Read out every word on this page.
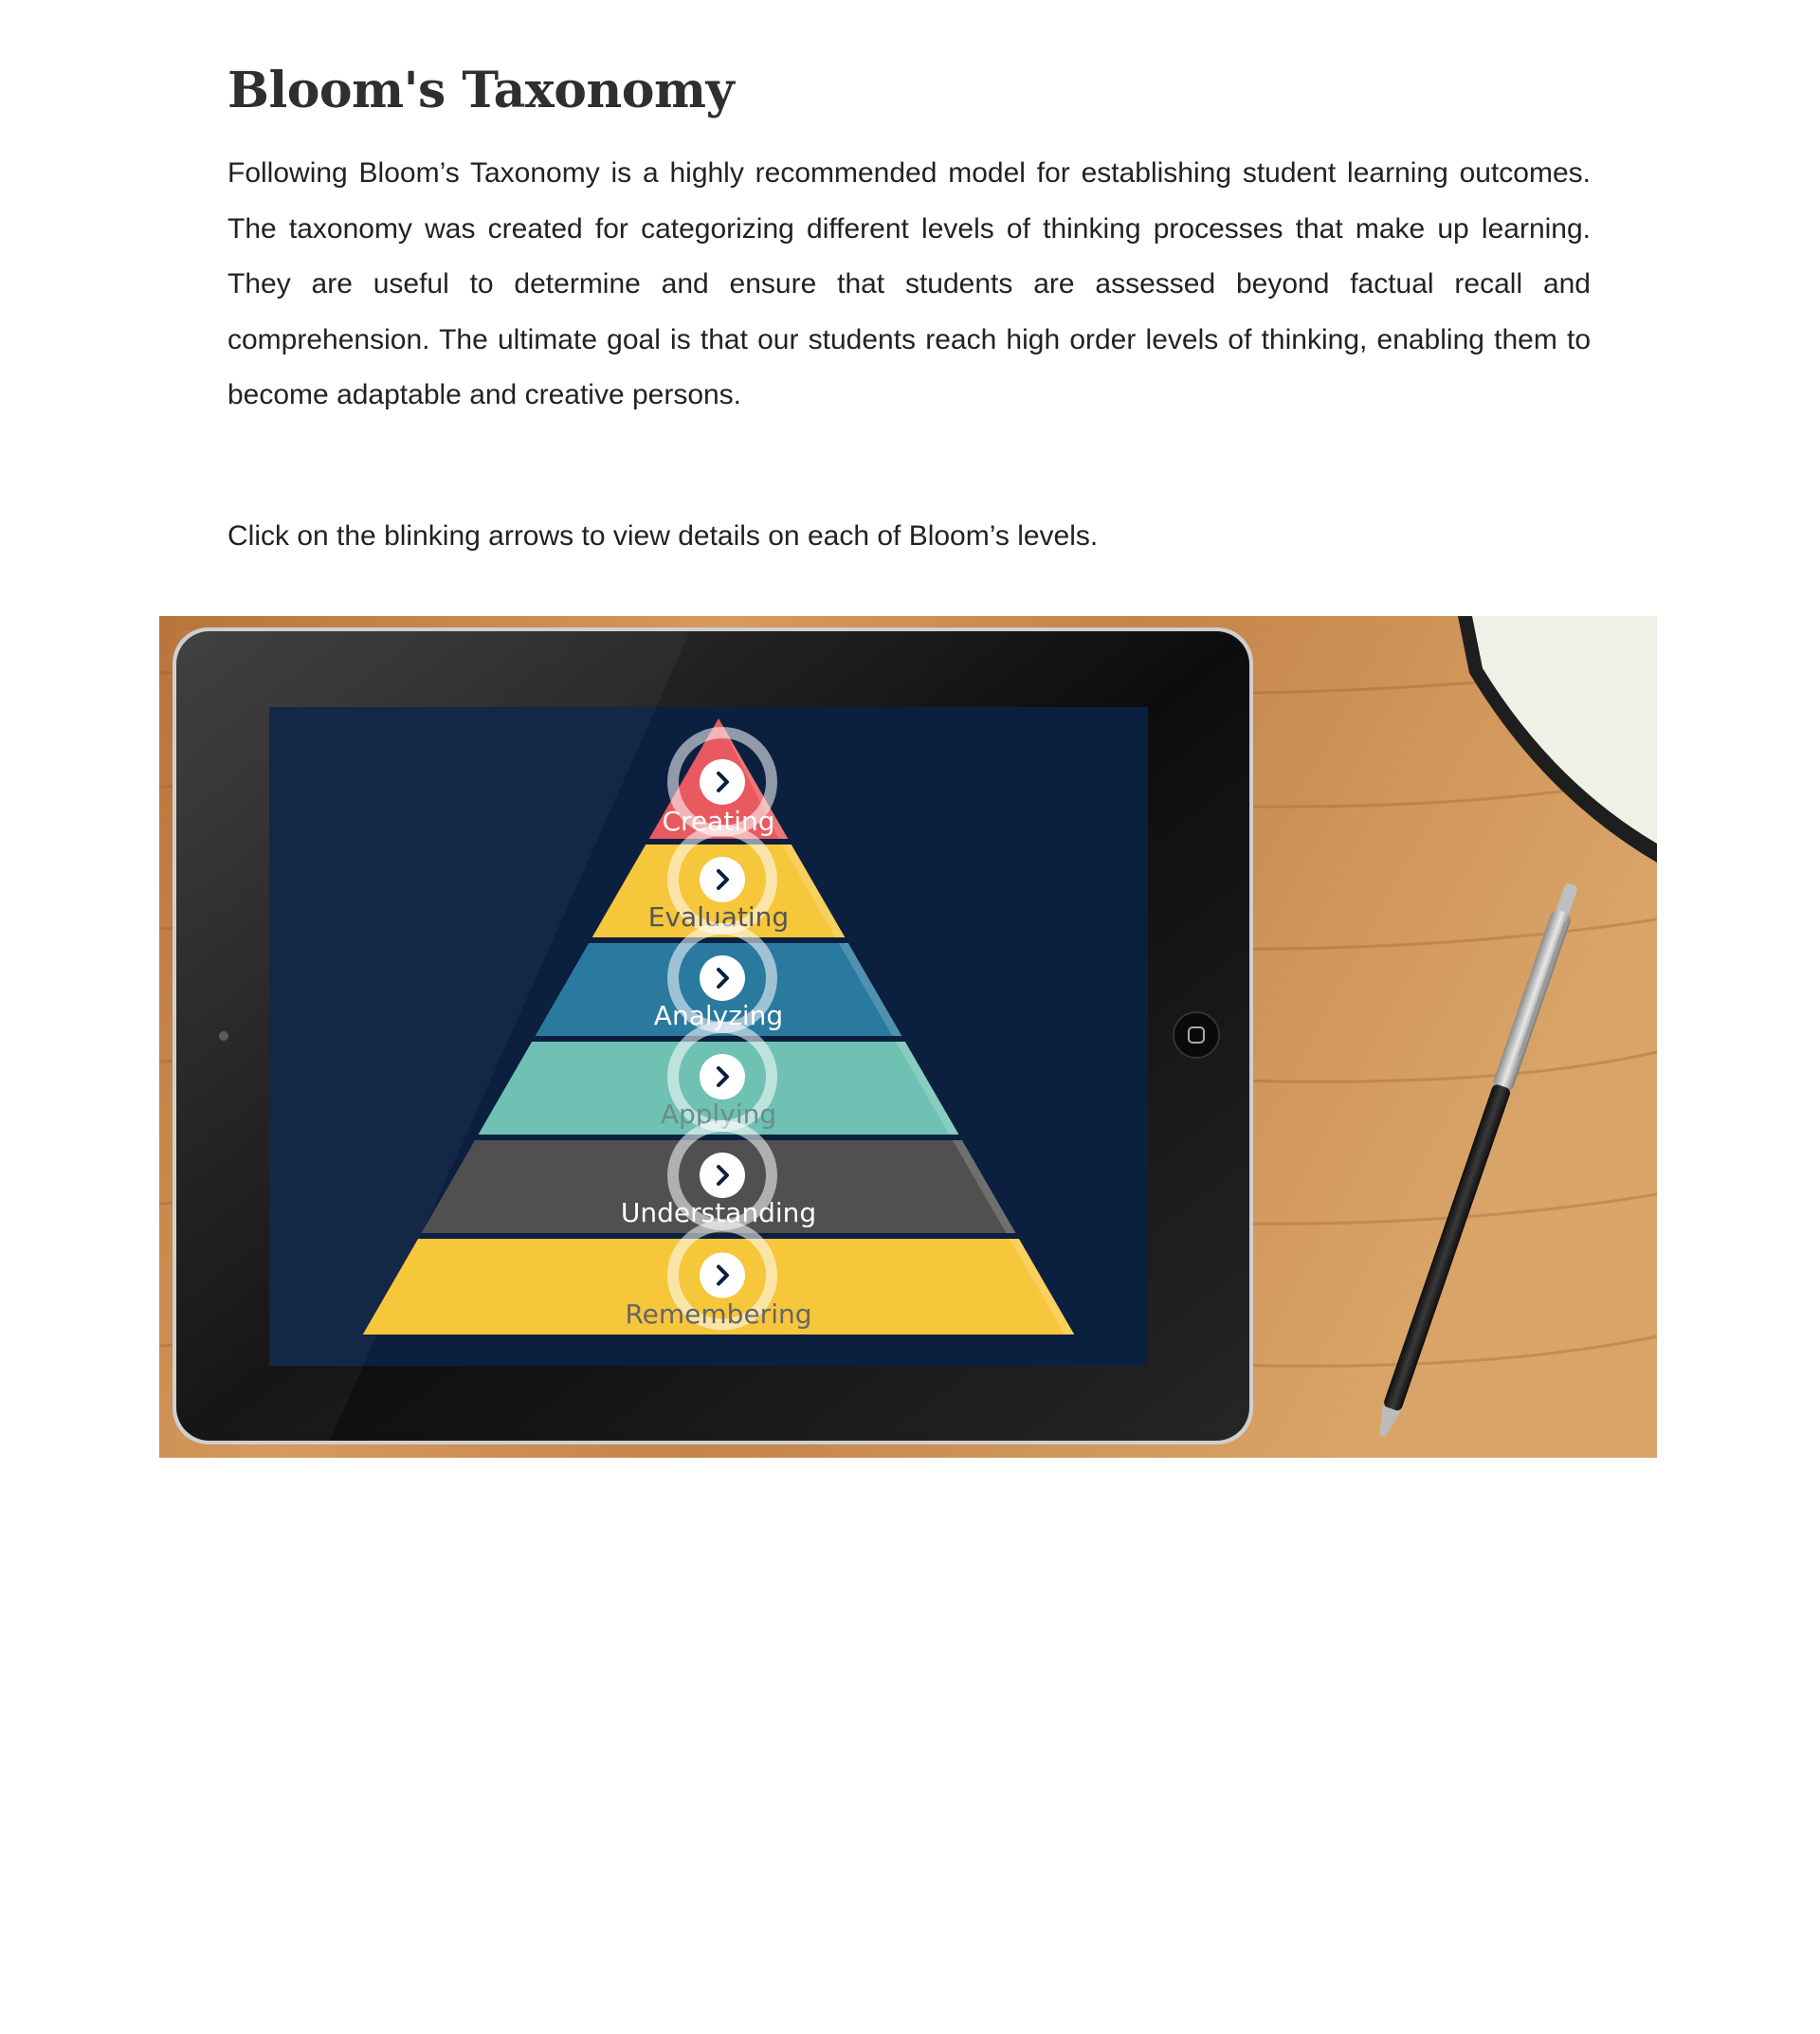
Bloom's Taxonomy

Following Bloom’s Taxonomy is a highly recommended model for establishing student learning outcomes. The taxonomy was created for categorizing different levels of thinking processes that make up learning. They are useful to determine and ensure that students are assessed beyond factual recall and comprehension. The ultimate goal is that our students reach high order levels of thinking, enabling them to become adaptable and creative persons.

Click on the blinking arrows to view details on each of Bloom’s levels.

Creating
Evaluating
Analyzing
Applying
Understanding
Remembering
